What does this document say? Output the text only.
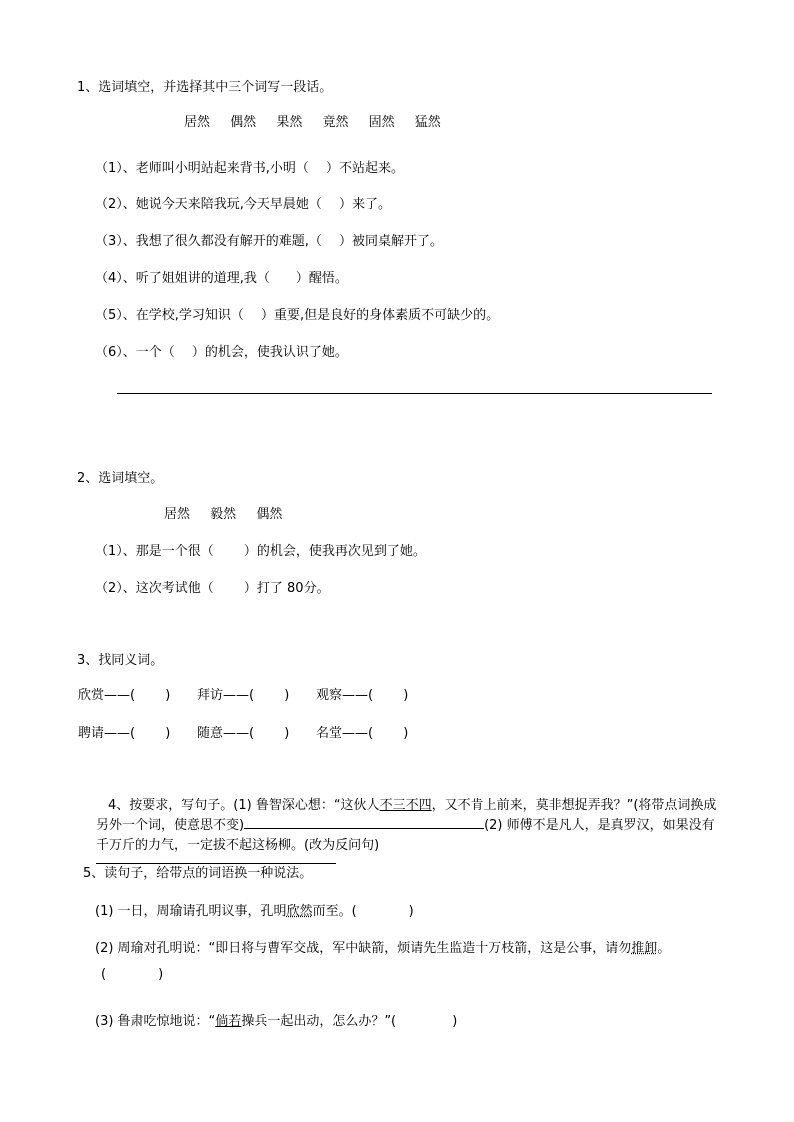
1、选词填空，并选择其中三个词写一段话。
居然 偶然 果然 竟然 固然 猛然
（1）、老师叫小明站起来背书,小明（　 ）不站起来。
（2）、她说今天来陪我玩,今天早晨她（　 ）来了。
（3）、我想了很久都没有解开的难题,（　 ）被同桌解开了。
（4）、听了姐姐讲的道理,我（　　）醒悟。
（5）、在学校,学习知识（　 ）重要,但是良好的身体素质不可缺少的。
（6）、一个（　 ）的机会，使我认识了她。
2、选词填空。
居然 毅然 偶然
（1）、那是一个很（　　 ）的机会，使我再次见到了她。
（2）、这次考试他（　　 ）打了 80分。
3、找同义词。
欣赏——(　　 ) 拜访——(　　 ) 观察——(　　 )
聘请——(　　 ) 随意——(　　 ) 名堂——(　　 )
4、按要求，写句子。(1) 鲁智深心想：“这伙人不三不四，又不肯上前来，莫非想捉弄我？”(将带点词换成另外一个词，使意思不变)	(2) 师傅不是凡人，是真罗汉，如果没有千万斤的力气，一定拔不起这杨柳。(改为反问句)
5、读句子，给带点的词语换一种说法。
(1) 一日，周瑜请孔明议事，孔明欣然而至。(　　　　)
(2) 周瑜对孔明说：“即日将与曹军交战，军中缺箭，烦请先生监造十万枝箭，这是公事，请勿推卸。
(　　　　)
(3) 鲁肃吃惊地说：“倘若操兵一起出动，怎么办？”(　　　　 )
